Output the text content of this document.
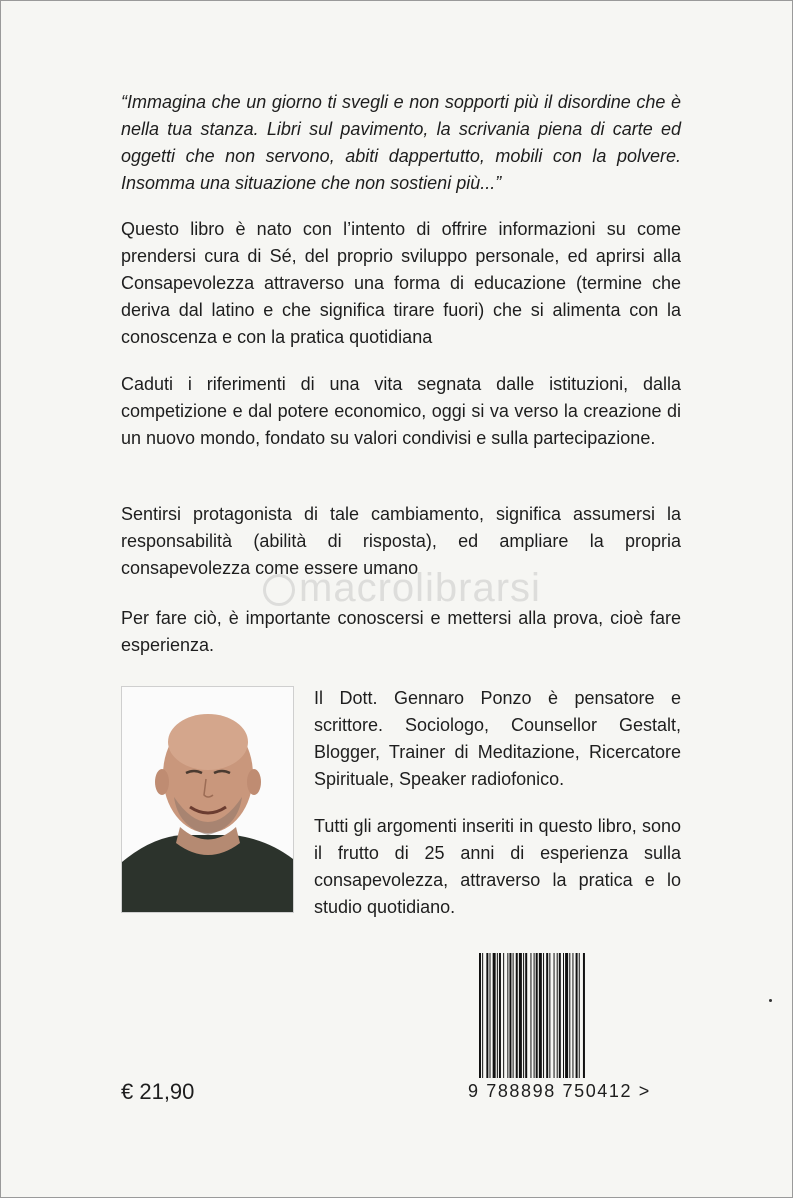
“Immagina che un giorno ti svegli e non sopporti più il disordine che è nella tua stanza. Libri sul pavimento, la scrivania piena di carte ed oggetti che non servono, abiti dappertutto, mobili con la polvere. Insomma una situazione che non sostieni più...”
Questo libro è nato con l’intento di offrire informazioni su come prendersi cura di Sé, del proprio sviluppo personale, ed aprirsi alla Consapevolezza attraverso una forma di educazione (termine che deriva dal latino e che significa tirare fuori) che si alimenta con la conoscenza e con la pratica quotidiana
Caduti i riferimenti di una vita segnata dalle istituzioni, dalla competizione e dal potere economico, oggi si va verso la creazione di un nuovo mondo, fondato su valori condivisi e sulla partecipazione.
Sentirsi protagonista di tale cambiamento, significa assumersi la responsabilità (abilità di risposta), ed ampliare la propria consapevolezza come essere umano
Per fare ciò, è importante conoscersi e mettersi alla prova, cioè fare esperienza.
macrolibrarsi
Il Dott. Gennaro Ponzo è pensatore e scrittore. Sociologo, Counsellor Gestalt, Blogger, Trainer di Meditazione, Ricercatore Spirituale, Speaker radiofonico.
Tutti gli argomenti inseriti in questo libro, sono il frutto di 25 anni di esperienza sulla consapevolezza, attraverso la pratica e lo studio quotidiano.
9 788898 750412 >
€ 21,90
